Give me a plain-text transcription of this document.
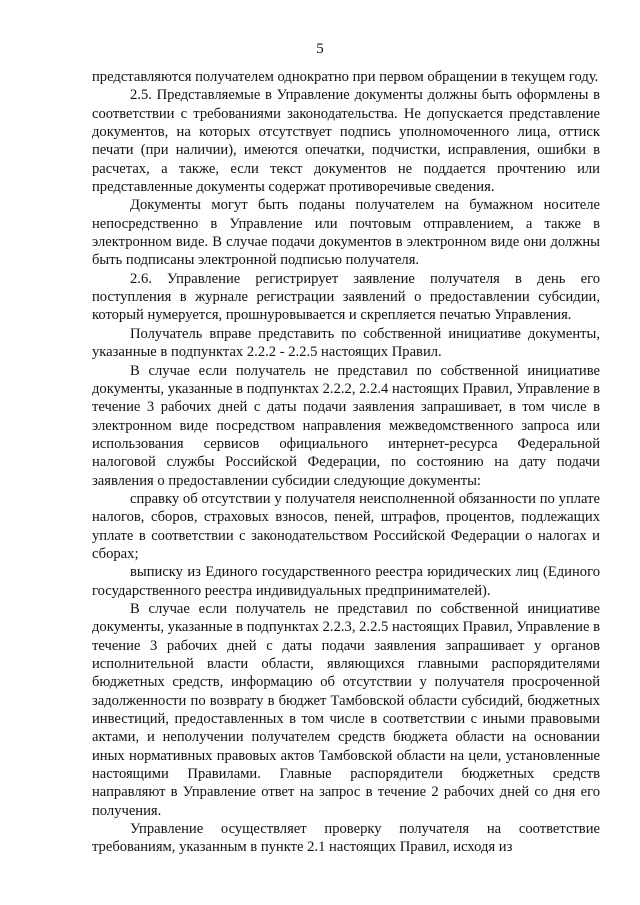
5

представляются получателем однократно при первом обращении в текущем году.

2.5. Представляемые в Управление документы должны быть оформлены в соответствии с требованиями законодательства. Не допускается представление документов, на которых отсутствует подпись уполномоченного лица, оттиск печати (при наличии), имеются опечатки, подчистки, исправления, ошибки в расчетах, а также, если текст документов не поддается прочтению или представленные документы содержат противоречивые сведения.

Документы могут быть поданы получателем на бумажном носителе непосредственно в Управление или почтовым отправлением, а также в электронном виде. В случае подачи документов в электронном виде они должны быть подписаны электронной подписью получателя.

2.6. Управление регистрирует заявление получателя в день его поступления в журнале регистрации заявлений о предоставлении субсидии, который нумеруется, прошнуровывается и скрепляется печатью Управления.

Получатель вправе представить по собственной инициативе документы, указанные в подпунктах 2.2.2 - 2.2.5 настоящих Правил.

В случае если получатель не представил по собственной инициативе документы, указанные в подпунктах 2.2.2, 2.2.4 настоящих Правил, Управление в течение 3 рабочих дней с даты подачи заявления запрашивает, в том числе в электронном виде посредством направления межведомственного запроса или использования сервисов официального интернет-ресурса Федеральной налоговой службы Российской Федерации, по состоянию на дату подачи заявления о предоставлении субсидии следующие документы:

справку об отсутствии у получателя неисполненной обязанности по уплате налогов, сборов, страховых взносов, пеней, штрафов, процентов, подлежащих уплате в соответствии с законодательством Российской Федерации о налогах и сборах;

выписку из Единого государственного реестра юридических лиц (Единого государственного реестра индивидуальных предпринимателей).

В случае если получатель не представил по собственной инициативе документы, указанные в подпунктах 2.2.3, 2.2.5 настоящих Правил, Управление в течение 3 рабочих дней с даты подачи заявления запрашивает у органов исполнительной власти области, являющихся главными распорядителями бюджетных средств, информацию об отсутствии у получателя просроченной задолженности по возврату в бюджет Тамбовской области субсидий, бюджетных инвестиций, предоставленных в том числе в соответствии с иными правовыми актами, и неполучении получателем средств бюджета области на основании иных нормативных правовых актов Тамбовской области на цели, установленные настоящими Правилами. Главные распорядители бюджетных средств направляют в Управление ответ на запрос в течение 2 рабочих дней со дня его получения.

Управление осуществляет проверку получателя на соответствие требованиям, указанным в пункте 2.1 настоящих Правил, исходя из
